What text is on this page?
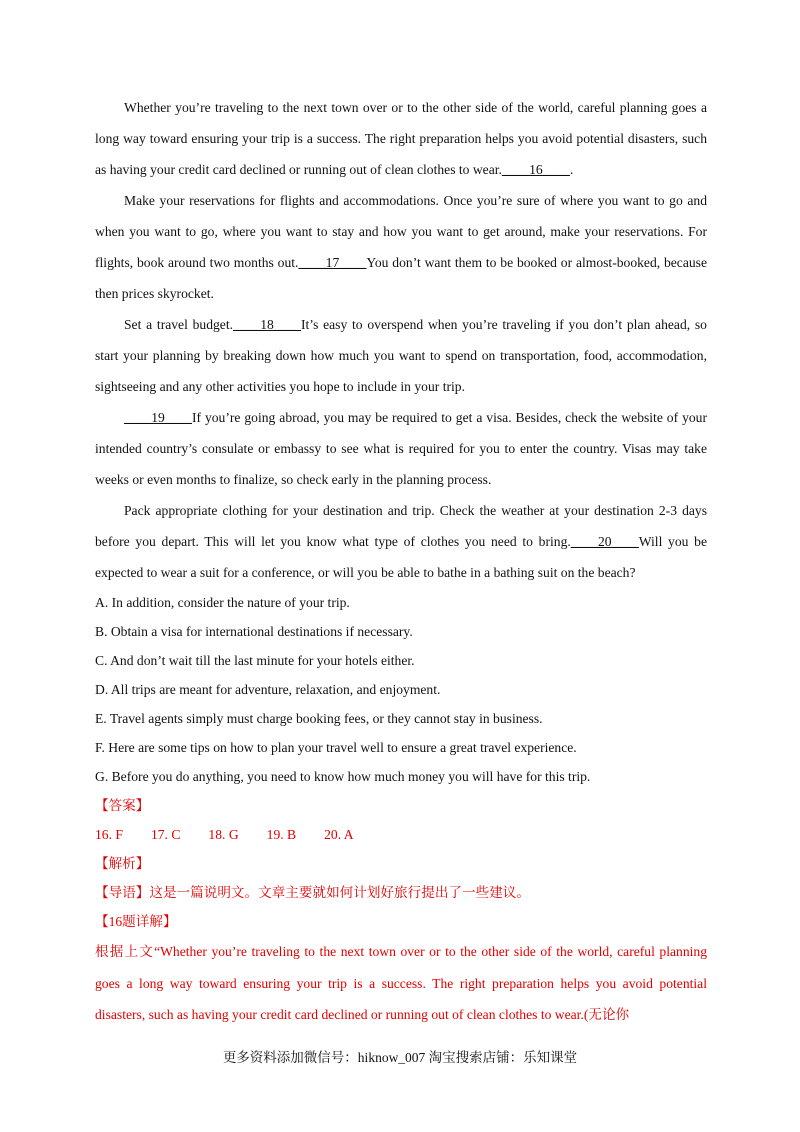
Whether you’re traveling to the next town over or to the other side of the world, careful planning goes a long way toward ensuring your trip is a success. The right preparation helps you avoid potential disasters, such as having your credit card declined or running out of clean clothes to wear.____16____.

Make your reservations for flights and accommodations. Once you’re sure of where you want to go and when you want to go, where you want to stay and how you want to get around, make your reservations. For flights, book around two months out.____17____You don’t want them to be booked or almost-booked, because then prices skyrocket.

Set a travel budget.____18____It’s easy to overspend when you’re traveling if you don’t plan ahead, so start your planning by breaking down how much you want to spend on transportation, food, accommodation, sightseeing and any other activities you hope to include in your trip.

____19____If you’re going abroad, you may be required to get a visa. Besides, check the website of your intended country’s consulate or embassy to see what is required for you to enter the country. Visas may take weeks or even months to finalize, so check early in the planning process.

Pack appropriate clothing for your destination and trip. Check the weather at your destination 2-3 days before you depart. This will let you know what type of clothes you need to bring.____20____Will you be expected to wear a suit for a conference, or will you be able to bathe in a bathing suit on the beach?

A. In addition, consider the nature of your trip.

B. Obtain a visa for international destinations if necessary.

C. And don’t wait till the last minute for your hotels either.

D. All trips are meant for adventure, relaxation, and enjoyment.

E. Travel agents simply must charge booking fees, or they cannot stay in business.

F. Here are some tips on how to plan your travel well to ensure a great travel experience.

G. Before you do anything, you need to know how much money you will have for this trip.

【答案】

16. F 17. C 18. G 19. B 20. A

【解析】

【导语】这是一篇说明文。文章主要就如何计划好旅行提出了一些建议。

【16题详解】

根据上文“Whether you’re traveling to the next town over or to the other side of the world, careful planning goes a long way toward ensuring your trip is a success. The right preparation helps you avoid potential disasters, such as having your credit card declined or running out of clean clothes to wear.(无论你

更多资料添加微信号：hiknow_007 淘宝搜索店铺：乐知课堂
